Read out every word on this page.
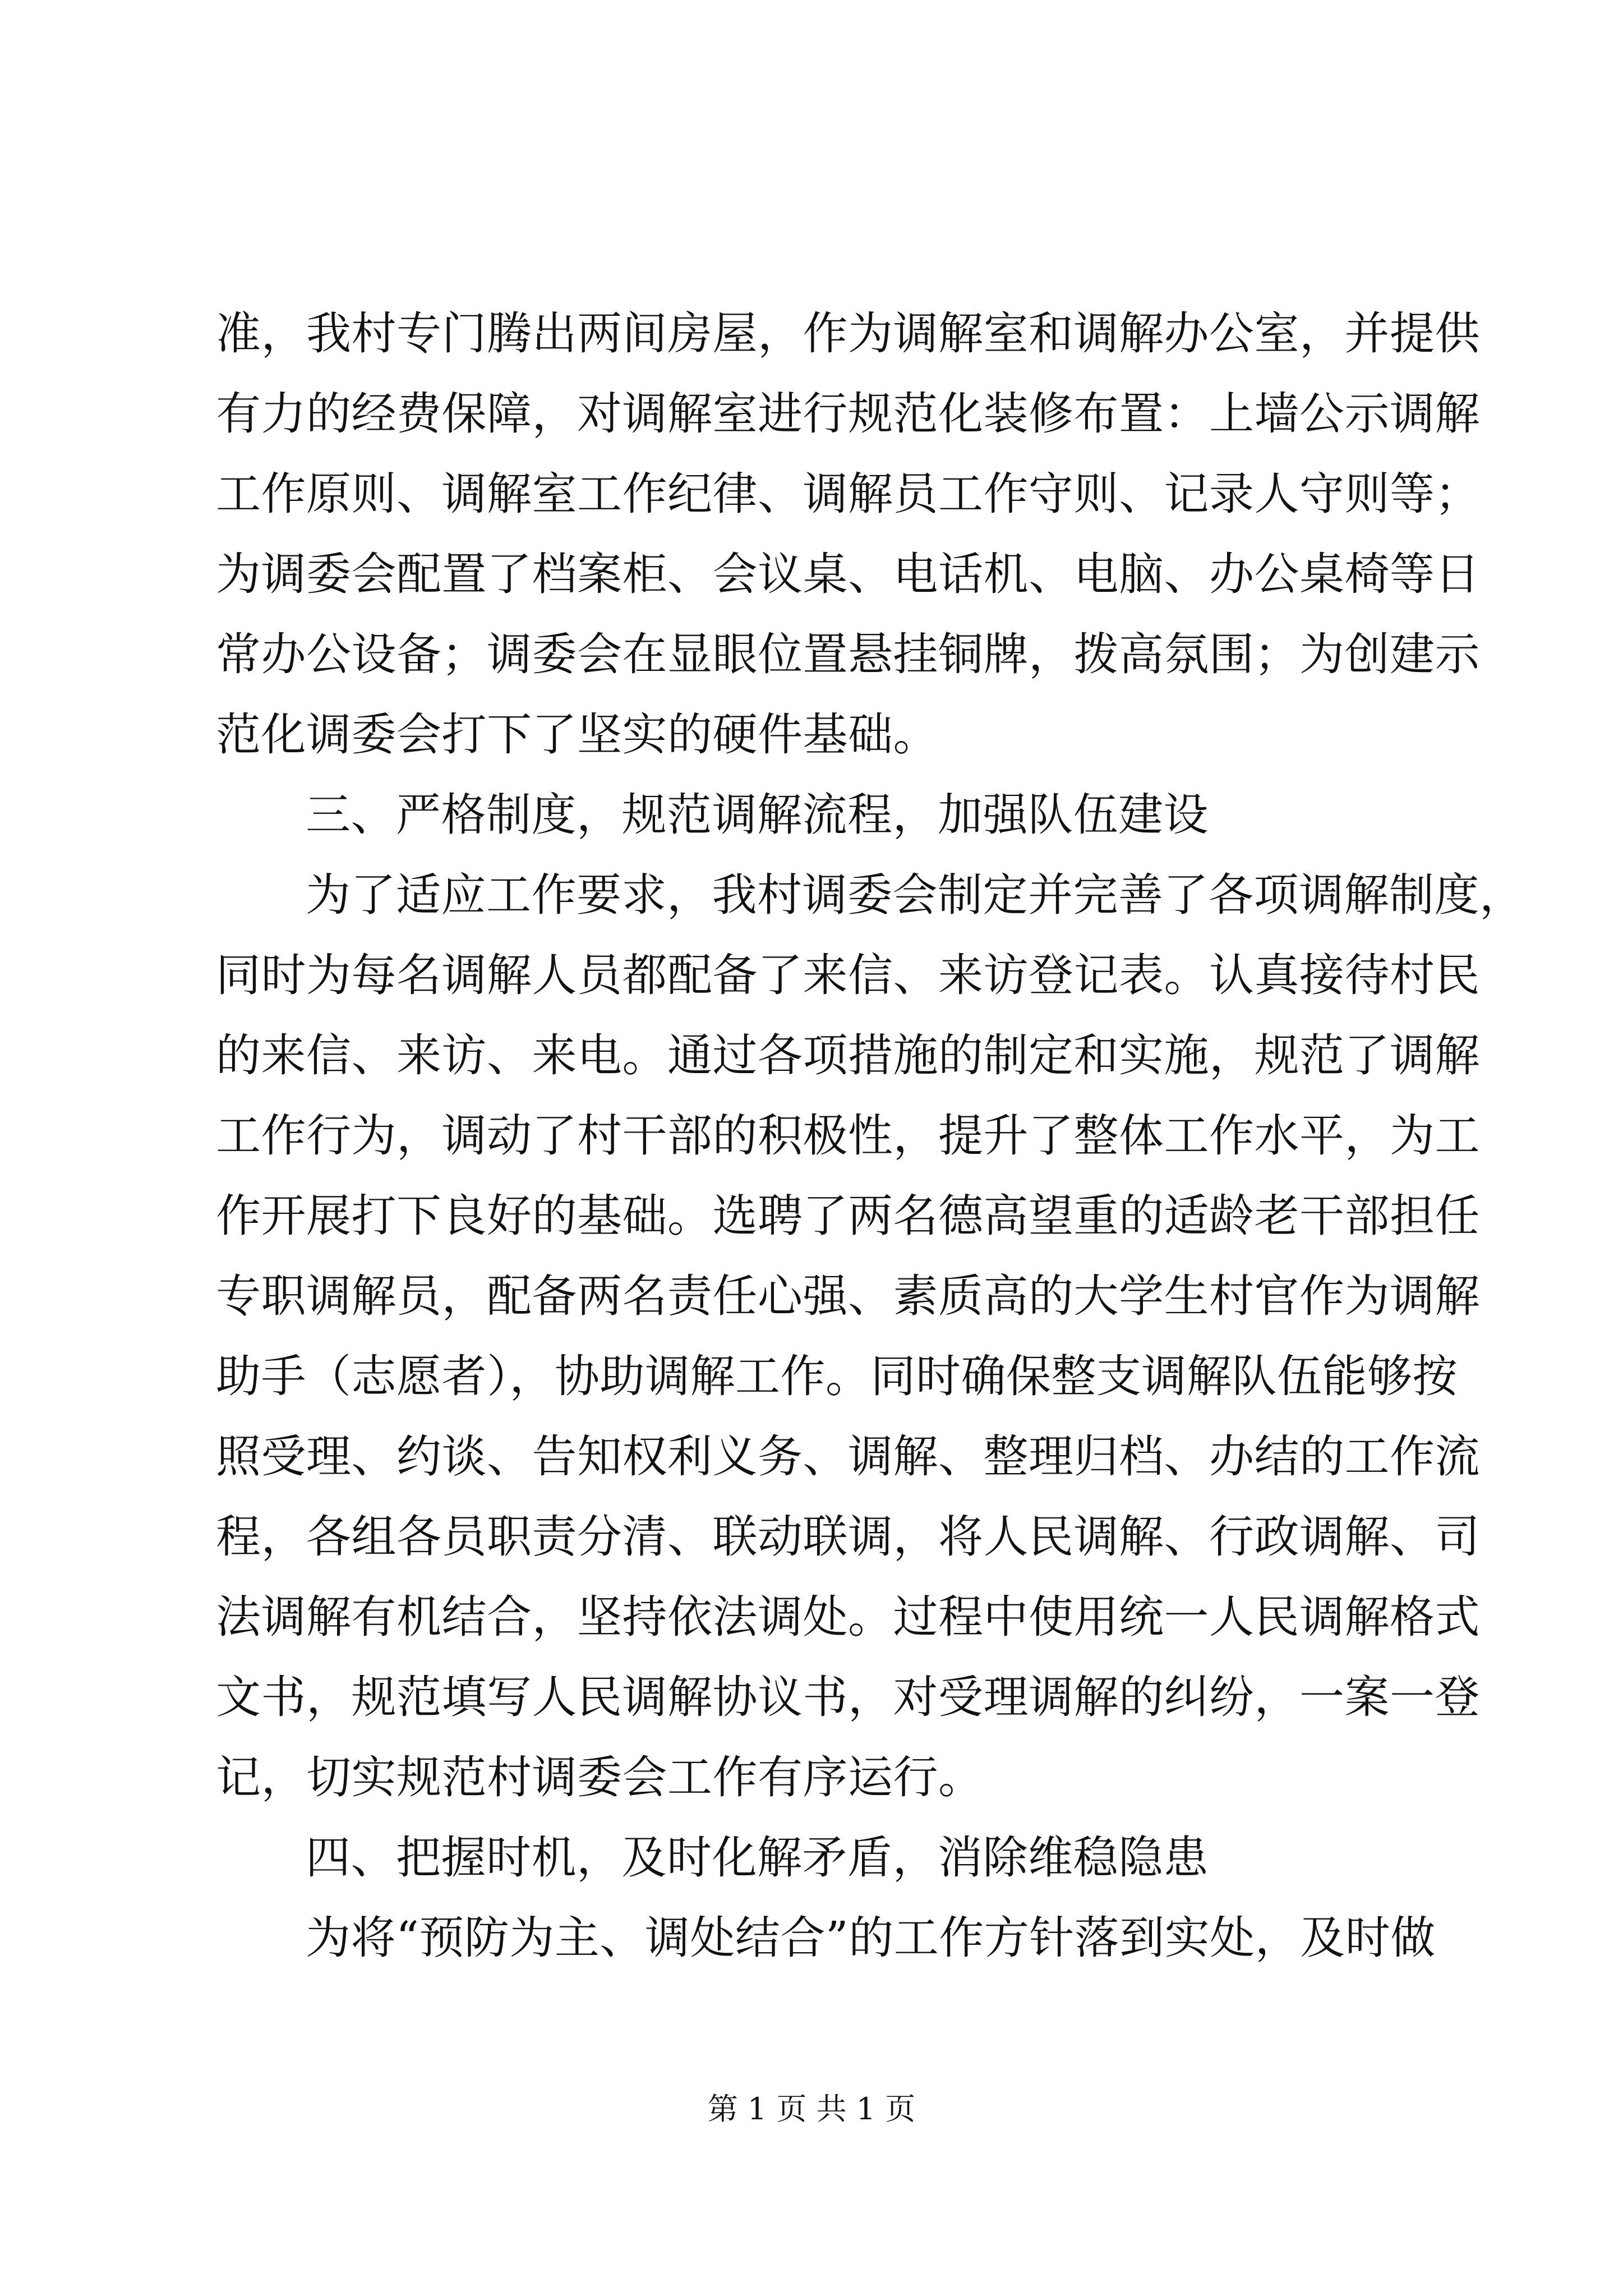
准，我村专门腾出两间房屋，作为调解室和调解办公室，并提供
有力的经费保障，对调解室进行规范化装修布置：上墙公示调解
工作原则、调解室工作纪律、调解员工作守则、记录人守则等；
为调委会配置了档案柜、会议桌、电话机、电脑、办公桌椅等日
常办公设备；调委会在显眼位置悬挂铜牌，拨高氛围；为创建示
范化调委会打下了坚实的硬件基础。
三、严格制度，规范调解流程，加强队伍建设
为了适应工作要求，我村调委会制定并完善了各项调解制度，
同时为每名调解人员都配备了来信、来访登记表。认真接待村民
的来信、来访、来电。通过各项措施的制定和实施，规范了调解
工作行为，调动了村干部的积极性，提升了整体工作水平，为工
作开展打下良好的基础。选聘了两名德高望重的适龄老干部担任
专职调解员，配备两名责任心强、素质高的大学生村官作为调解
助手（志愿者），协助调解工作。同时确保整支调解队伍能够按
照受理、约谈、告知权利义务、调解、整理归档、办结的工作流
程，各组各员职责分清、联动联调，将人民调解、行政调解、司
法调解有机结合，坚持依法调处。过程中使用统一人民调解格式
文书，规范填写人民调解协议书，对受理调解的纠纷，一案一登
记，切实规范村调委会工作有序运行。
四、把握时机，及时化解矛盾，消除维稳隐患
为将“预防为主、调处结合”的工作方针落到实处，及时做
第 1 页 共 1 页
